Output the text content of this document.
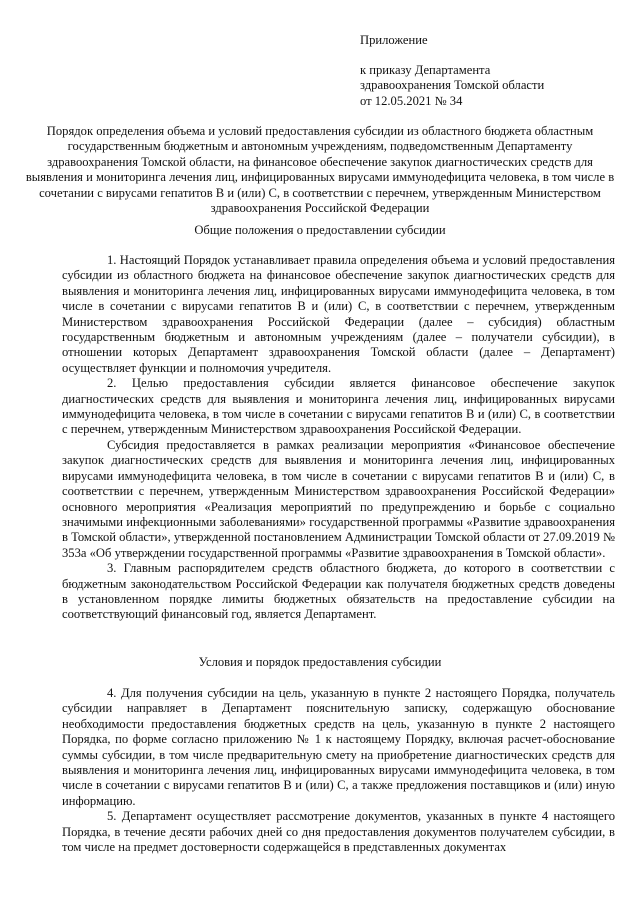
Приложение
к приказу Департамента
здравоохранения Томской области
от 12.05.2021 № 34
Порядок определения объема и условий предоставления субсидии из областного бюджета областным государственным бюджетным и автономным учреждениям, подведомственным Департаменту здравоохранения Томской области, на финансовое обеспечение закупок диагностических средств для выявления и мониторинга лечения лиц, инфицированных вирусами иммунодефицита человека, в том числе в сочетании с вирусами гепатитов В и (или) С, в соответствии с перечнем, утвержденным Министерством здравоохранения Российской Федерации
Общие положения о предоставлении субсидии

1. Настоящий Порядок устанавливает правила определения объема и условий предоставления субсидии из областного бюджета на финансовое обеспечение закупок диагностических средств для выявления и мониторинга лечения лиц, инфицированных вирусами иммунодефицита человека, в том числе в сочетании с вирусами гепатитов В и (или) С, в соответствии с перечнем, утвержденным Министерством здравоохранения Российской Федерации (далее – субсидия) областным государственным бюджетным и автономным учреждениям (далее – получатели субсидии), в отношении которых Департамент здравоохранения Томской области (далее – Департамент) осуществляет функции и полномочия учредителя.

2. Целью предоставления субсидии является финансовое обеспечение закупок диагностических средств для выявления и мониторинга лечения лиц, инфицированных вирусами иммунодефицита человека, в том числе в сочетании с вирусами гепатитов В и (или) С, в соответствии с перечнем, утвержденным Министерством здравоохранения Российской Федерации.

Субсидия предоставляется в рамках реализации мероприятия «Финансовое обеспечение закупок диагностических средств для выявления и мониторинга лечения лиц, инфицированных вирусами иммунодефицита человека, в том числе в сочетании с вирусами гепатитов В и (или) С, в соответствии с перечнем, утвержденным Министерством здравоохранения Российской Федерации» основного мероприятия «Реализация мероприятий по предупреждению и борьбе с социально значимыми инфекционными заболеваниями» государственной программы «Развитие здравоохранения в Томской области», утвержденной постановлением Администрации Томской области от 27.09.2019 № 353а «Об утверждении государственной программы «Развитие здравоохранения в Томской области».

3. Главным распорядителем средств областного бюджета, до которого в соответствии с бюджетным законодательством Российской Федерации как получателя бюджетных средств доведены в установленном порядке лимиты бюджетных обязательств на предоставление субсидии на соответствующий финансовый год, является Департамент.

Условия и порядок предоставления субсидии

4. Для получения субсидии на цель, указанную в пункте 2 настоящего Порядка, получатель субсидии направляет в Департамент пояснительную записку, содержащую обоснование необходимости предоставления бюджетных средств на цель, указанную в пункте 2 настоящего Порядка, по форме согласно приложению № 1 к настоящему Порядку, включая расчет-обоснование суммы субсидии, в том числе предварительную смету на приобретение диагностических средств для выявления и мониторинга лечения лиц, инфицированных вирусами иммунодефицита человека, в том числе в сочетании с вирусами гепатитов В и (или) С, а также предложения поставщиков и (или) иную информацию.

5. Департамент осуществляет рассмотрение документов, указанных в пункте 4 настоящего Порядка, в течение десяти рабочих дней со дня предоставления документов получателем субсидии, в том числе на предмет достоверности содержащейся в представленных документах
